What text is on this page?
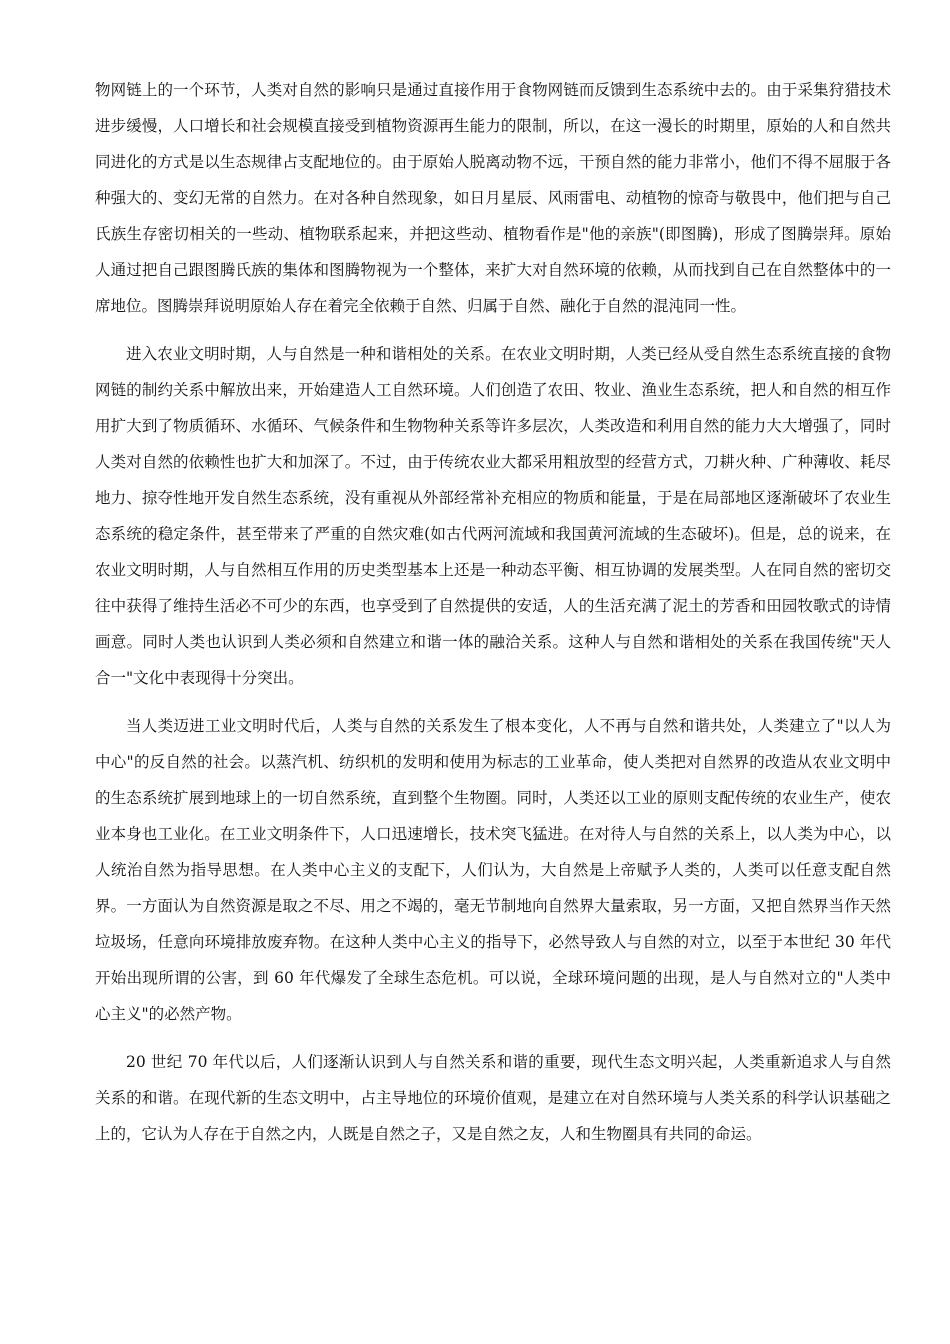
物网链上的一个环节，人类对自然的影响只是通过直接作用于食物网链而反馈到生态系统中去的。由于采集狩猎技术进步缓慢，人口增长和社会规模直接受到植物资源再生能力的限制，所以，在这一漫长的时期里，原始的人和自然共同进化的方式是以生态规律占支配地位的。由于原始人脱离动物不远，干预自然的能力非常小，他们不得不屈服于各种强大的、变幻无常的自然力。在对各种自然现象，如日月星辰、风雨雷电、动植物的惊奇与敬畏中，他们把与自己氏族生存密切相关的一些动、植物联系起来，并把这些动、植物看作是"他的亲族"(即图腾)，形成了图腾崇拜。原始人通过把自己跟图腾氏族的集体和图腾物视为一个整体，来扩大对自然环境的依赖，从而找到自己在自然整体中的一席地位。图腾崇拜说明原始人存在着完全依赖于自然、归属于自然、融化于自然的混沌同一性。

进入农业文明时期，人与自然是一种和谐相处的关系。在农业文明时期，人类已经从受自然生态系统直接的食物网链的制约关系中解放出来，开始建造人工自然环境。人们创造了农田、牧业、渔业生态系统，把人和自然的相互作用扩大到了物质循环、水循环、气候条件和生物物种关系等许多层次，人类改造和利用自然的能力大大增强了，同时人类对自然的依赖性也扩大和加深了。不过，由于传统农业大都采用粗放型的经营方式，刀耕火种、广种薄收、耗尽地力、掠夺性地开发自然生态系统，没有重视从外部经常补充相应的物质和能量，于是在局部地区逐渐破坏了农业生态系统的稳定条件，甚至带来了严重的自然灾难(如古代两河流域和我国黄河流域的生态破坏)。但是，总的说来，在农业文明时期，人与自然相互作用的历史类型基本上还是一种动态平衡、相互协调的发展类型。人在同自然的密切交往中获得了维持生活必不可少的东西，也享受到了自然提供的安适，人的生活充满了泥土的芳香和田园牧歌式的诗情画意。同时人类也认识到人类必须和自然建立和谐一体的融洽关系。这种人与自然和谐相处的关系在我国传统"天人合一"文化中表现得十分突出。

当人类迈进工业文明时代后，人类与自然的关系发生了根本变化，人不再与自然和谐共处，人类建立了"以人为中心"的反自然的社会。以蒸汽机、纺织机的发明和使用为标志的工业革命，使人类把对自然界的改造从农业文明中的生态系统扩展到地球上的一切自然系统，直到整个生物圈。同时，人类还以工业的原则支配传统的农业生产，使农业本身也工业化。在工业文明条件下，人口迅速增长，技术突飞猛进。在对待人与自然的关系上，以人类为中心，以人统治自然为指导思想。在人类中心主义的支配下，人们认为，大自然是上帝赋予人类的，人类可以任意支配自然界。一方面认为自然资源是取之不尽、用之不竭的，毫无节制地向自然界大量索取，另一方面，又把自然界当作天然垃圾场，任意向环境排放废弃物。在这种人类中心主义的指导下，必然导致人与自然的对立，以至于本世纪 30 年代开始出现所谓的公害，到 60 年代爆发了全球生态危机。可以说，全球环境问题的出现，是人与自然对立的"人类中心主义"的必然产物。

20 世纪 70 年代以后，人们逐渐认识到人与自然关系和谐的重要，现代生态文明兴起，人类重新追求人与自然关系的和谐。在现代新的生态文明中，占主导地位的环境价值观，是建立在对自然环境与人类关系的科学认识基础之上的，它认为人存在于自然之内，人既是自然之子，又是自然之友，人和生物圈具有共同的命运。
